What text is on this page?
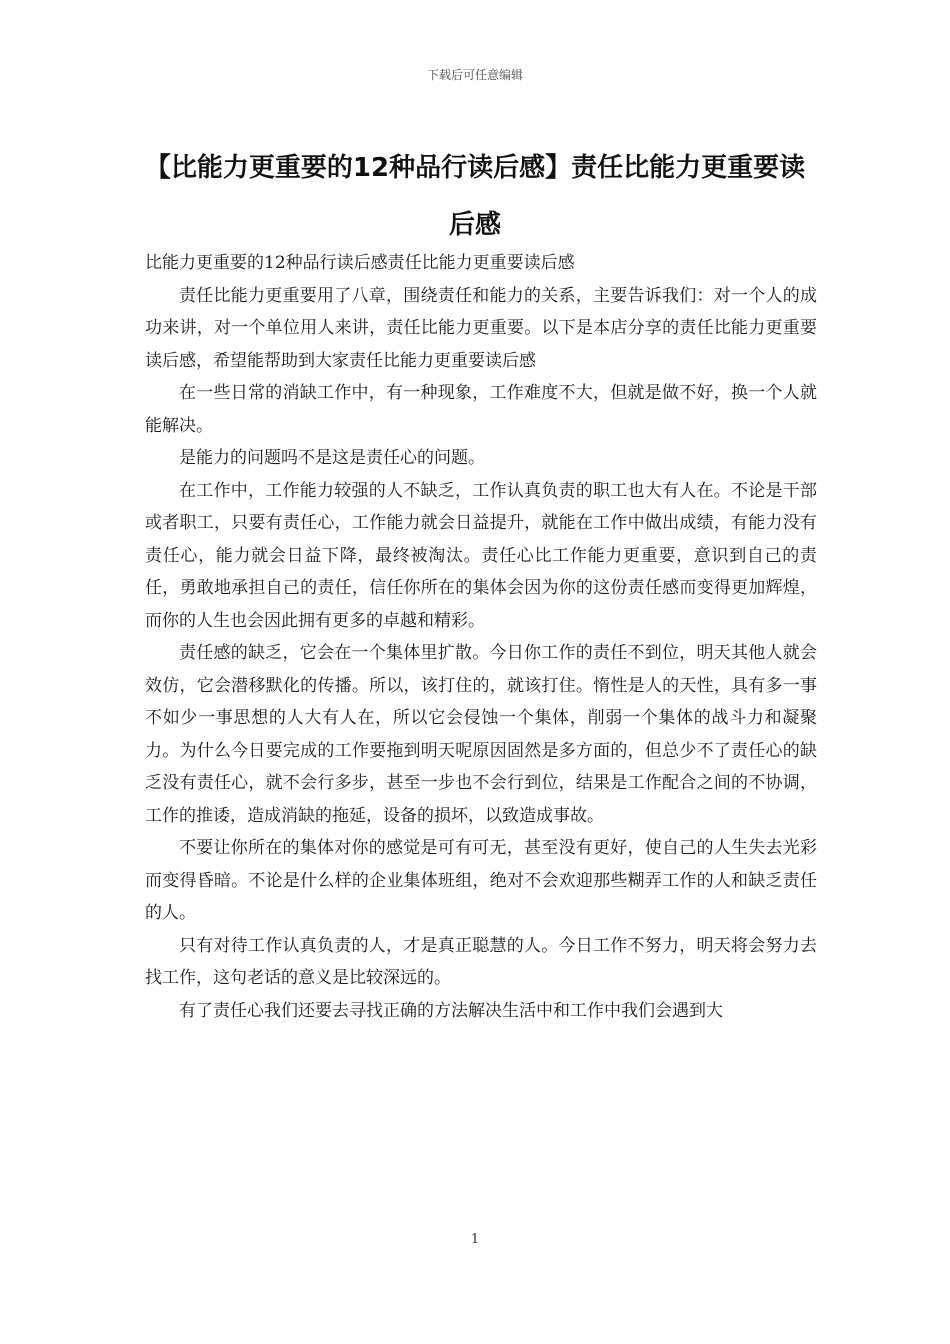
下载后可任意编辑
【比能力更重要的12种品行读后感】责任比能力更重要读后感

比能力更重要的12种品行读后感责任比能力更重要读后感

责任比能力更重要用了八章，围绕责任和能力的关系，主要告诉我们：对一个人的成功来讲，对一个单位用人来讲，责任比能力更重要。以下是本店分享的责任比能力更重要读后感，希望能帮助到大家责任比能力更重要读后感

在一些日常的消缺工作中，有一种现象，工作难度不大，但就是做不好，换一个人就能解决。

是能力的问题吗不是这是责任心的问题。

在工作中，工作能力较强的人不缺乏，工作认真负责的职工也大有人在。不论是干部或者职工，只要有责任心，工作能力就会日益提升，就能在工作中做出成绩，有能力没有责任心，能力就会日益下降，最终被淘汰。责任心比工作能力更重要，意识到自己的责任，勇敢地承担自己的责任，信任你所在的集体会因为你的这份责任感而变得更加辉煌，而你的人生也会因此拥有更多的卓越和精彩。

责任感的缺乏，它会在一个集体里扩散。今日你工作的责任不到位，明天其他人就会效仿，它会潜移默化的传播。所以，该打住的，就该打住。惰性是人的天性，具有多一事不如少一事思想的人大有人在，所以它会侵蚀一个集体，削弱一个集体的战斗力和凝聚力。为什么今日要完成的工作要拖到明天呢原因固然是多方面的，但总少不了责任心的缺乏没有责任心，就不会行多步，甚至一步也不会行到位，结果是工作配合之间的不协调，工作的推诿，造成消缺的拖延，设备的损坏，以致造成事故。

不要让你所在的集体对你的感觉是可有可无，甚至没有更好，使自己的人生失去光彩而变得昏暗。不论是什么样的企业集体班组，绝对不会欢迎那些糊弄工作的人和缺乏责任的人。

只有对待工作认真负责的人，才是真正聪慧的人。今日工作不努力，明天将会努力去找工作，这句老话的意义是比较深远的。

有了责任心我们还要去寻找正确的方法解决生活中和工作中我们会遇到大

1
